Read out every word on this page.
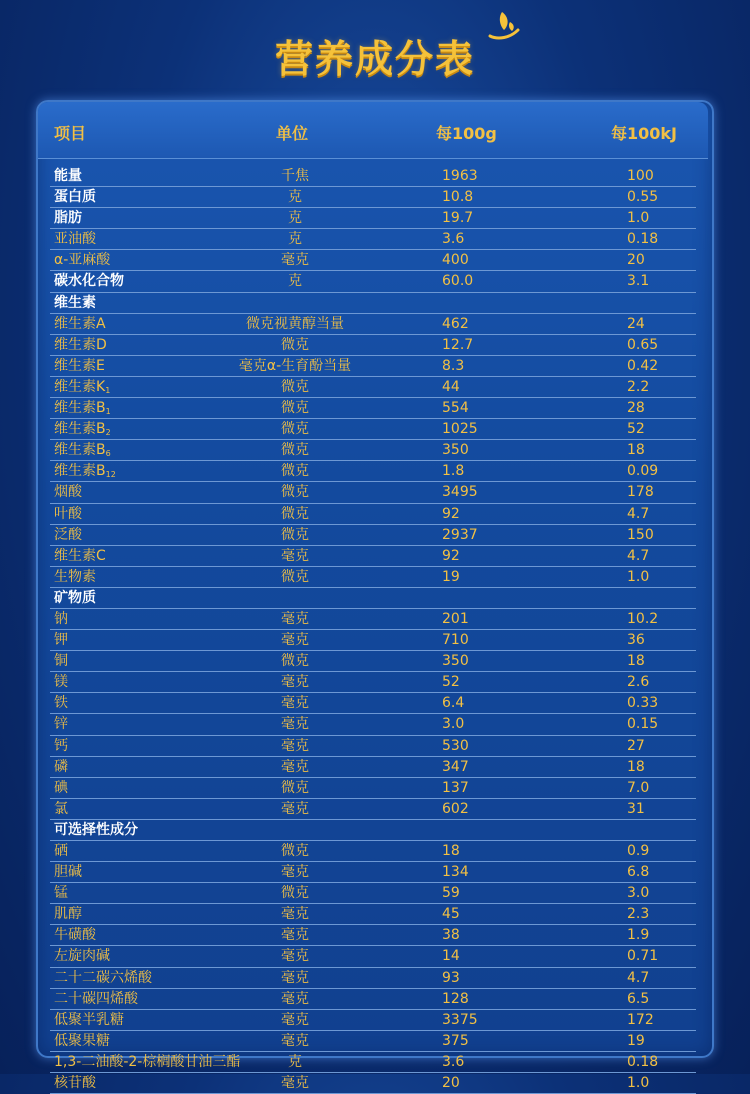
营养成分表
项目	单位	每100g	每100kJ
能量	千焦	1963	100
蛋白质	克	10.8	0.55
脂肪	克	19.7	1.0
亚油酸	克	3.6	0.18
α-亚麻酸	毫克	400	20
碳水化合物	克	60.0	3.1
维生素
维生素A	微克视黄醇当量	462	24
维生素D	微克	12.7	0.65
维生素E	毫克α-生育酚当量	8.3	0.42
维生素$K_1$	微克	44	2.2
维生素$B_1$	微克	554	28
维生素$B_2$	微克	1025	52
维生素$B_6$	微克	350	18
维生素$B_{12}$	微克	1.8	0.09
烟酸	微克	3495	178
叶酸	微克	92	4.7
泛酸	微克	2937	150
维生素C	毫克	92	4.7
生物素	微克	19	1.0
矿物质
钠	毫克	201	10.2
钾	毫克	710	36
铜	微克	350	18
镁	毫克	52	2.6
铁	毫克	6.4	0.33
锌	毫克	3.0	0.15
钙	毫克	530	27
磷	毫克	347	18
碘	微克	137	7.0
氯	毫克	602	31
可选择性成分
硒	微克	18	0.9
胆碱	毫克	134	6.8
锰	微克	59	3.0
肌醇	毫克	45	2.3
牛磺酸	毫克	38	1.9
左旋肉碱	毫克	14	0.71
二十二碳六烯酸	毫克	93	4.7
二十碳四烯酸	毫克	128	6.5
低聚半乳糖	毫克	3375	172
低聚果糖	毫克	375	19
1,3-二油酸-2-棕榈酸甘油三酯	克	3.6	0.18
核苷酸	毫克	20	1.0
